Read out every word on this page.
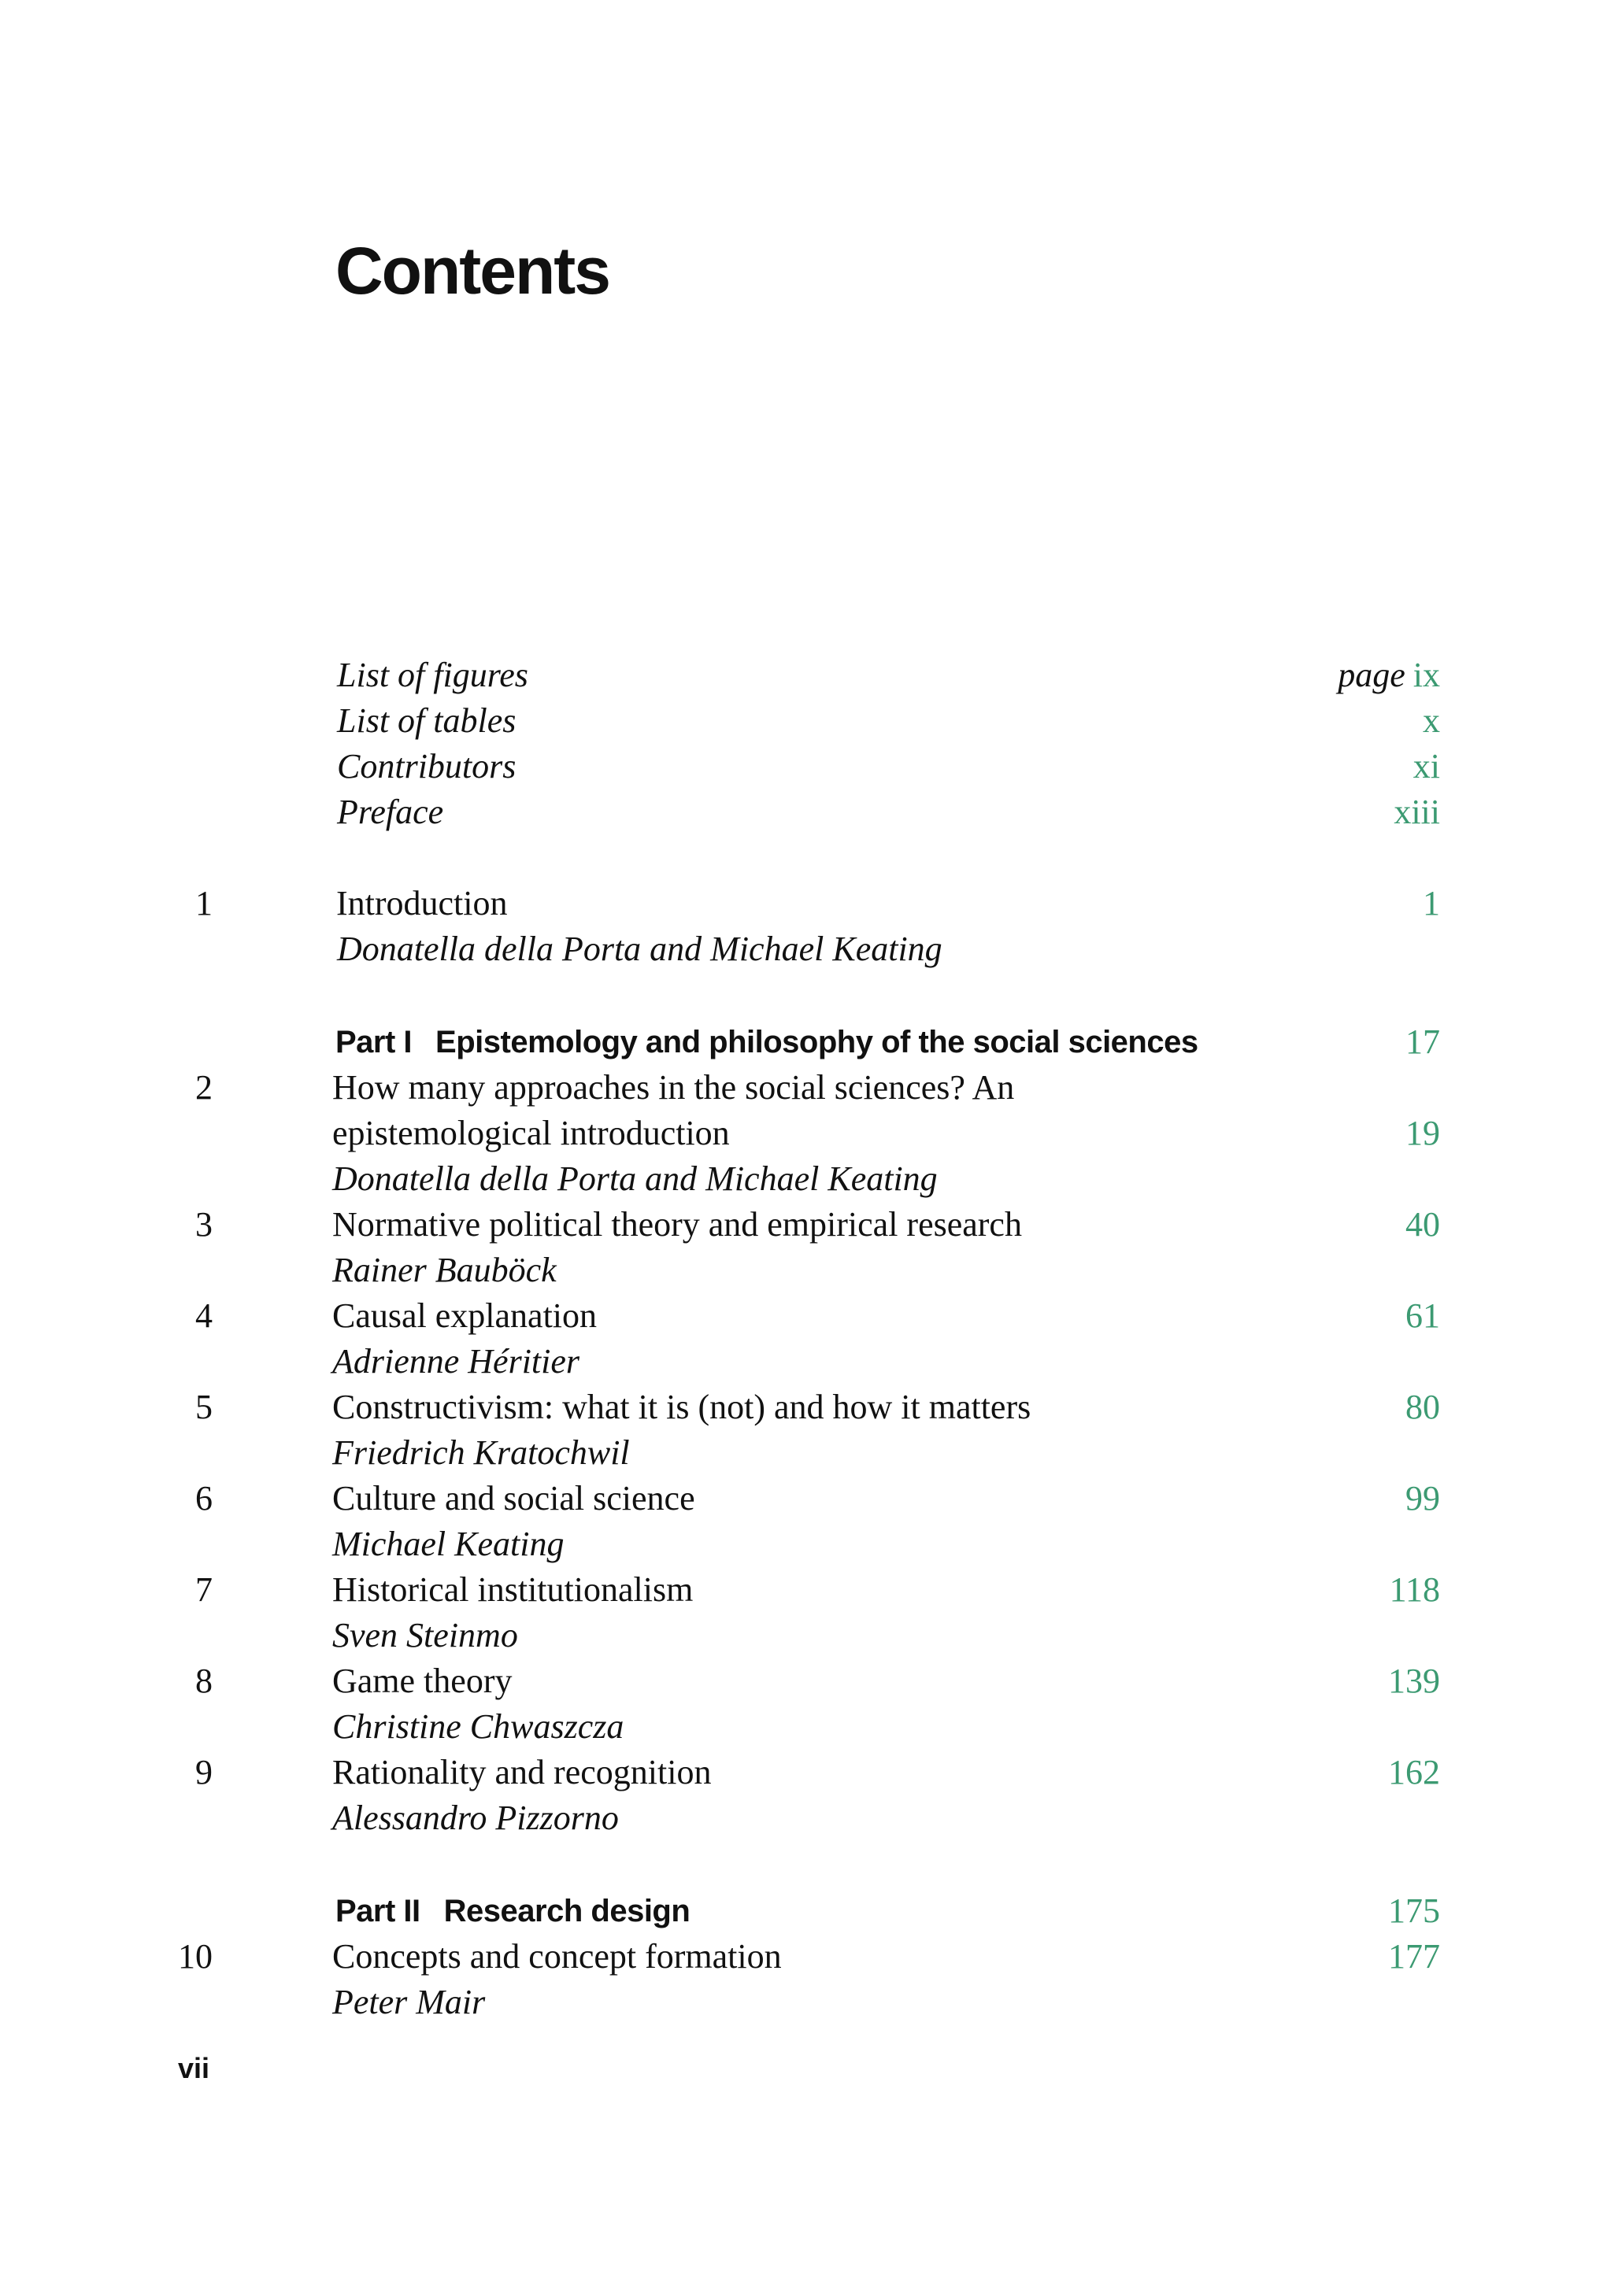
Contents
List of figures	page ix
List of tables	x
Contributors	xi
Preface	xiii
1	Introduction	1
Donatella della Porta and Michael Keating
Part I Epistemology and philosophy of the social sciences	17
2	How many approaches in the social sciences? An
epistemological introduction	19
Donatella della Porta and Michael Keating
3	Normative political theory and empirical research	40
Rainer Bauböck
4	Causal explanation	61
Adrienne Héritier
5	Constructivism: what it is (not) and how it matters	80
Friedrich Kratochwil
6	Culture and social science	99
Michael Keating
7	Historical institutionalism	118
Sven Steinmo
8	Game theory	139
Christine Chwaszcza
9	Rationality and recognition	162
Alessandro Pizzorno
Part II Research design	175
10	Concepts and concept formation	177
Peter Mair
vii
